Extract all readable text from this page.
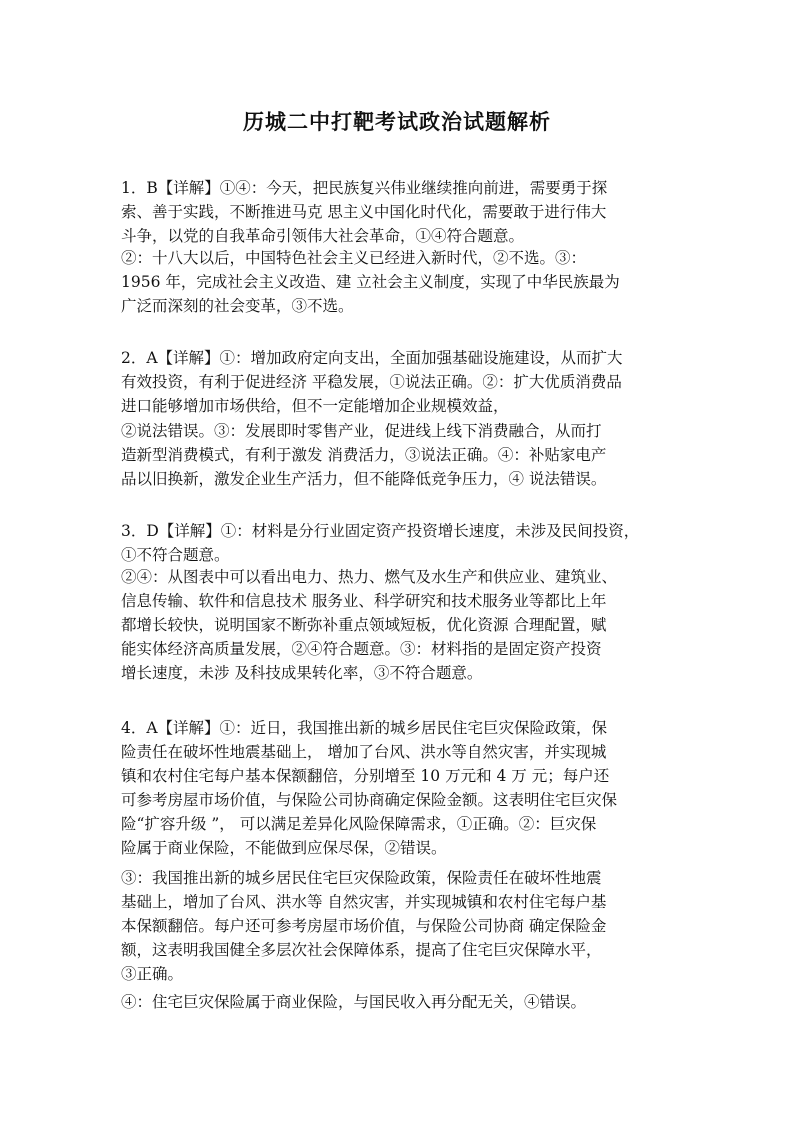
历城二中打靶考试政治试题解析
1．B【详解】①④：今天，把民族复兴伟业继续推向前进，需要勇于探
索、善于实践，不断推进马克 思主义中国化时代化，需要敢于进行伟大
斗争，以党的自我革命引领伟大社会革命，①④符合题意。
②：十八大以后，中国特色社会主义已经进入新时代，②不选。③：
1956 年，完成社会主义改造、建 立社会主义制度，实现了中华民族最为
广泛而深刻的社会变革，③不选。
2．A【详解】①：增加政府定向支出，全面加强基础设施建设，从而扩大
有效投资，有利于促进经济 平稳发展，①说法正确。②：扩大优质消费品
进口能够增加市场供给，但不一定能增加企业规模效益，
②说法错误。③：发展即时零售产业，促进线上线下消费融合，从而打
造新型消费模式，有利于激发 消费活力，③说法正确。④：补贴家电产
品以旧换新，激发企业生产活力，但不能降低竞争压力，④ 说法错误。
3．D【详解】①：材料是分行业固定资产投资增长速度，未涉及民间投资，
①不符合题意。
②④：从图表中可以看出电力、热力、燃气及水生产和供应业、建筑业、
信息传输、软件和信息技术 服务业、科学研究和技术服务业等都比上年
都增长较快，说明国家不断弥补重点领域短板，优化资源 合理配置，赋
能实体经济高质量发展，②④符合题意。③：材料指的是固定资产投资
增长速度，未涉 及科技成果转化率，③不符合题意。
4．A【详解】①：近日，我国推出新的城乡居民住宅巨灾保险政策，保
险责任在破坏性地震基础上， 增加了台风、洪水等自然灾害，并实现城
镇和农村住宅每户基本保额翻倍，分别增至 10 万元和 4 万 元；每户还
可参考房屋市场价值，与保险公司协商确定保险金额。这表明住宅巨灾保
险“扩容升级 ”， 可以满足差异化风险保障需求，①正确。②：巨灾保
险属于商业保险，不能做到应保尽保，②错误。
③：我国推出新的城乡居民住宅巨灾保险政策，保险责任在破坏性地震
基础上，增加了台风、洪水等 自然灾害，并实现城镇和农村住宅每户基
本保额翻倍。每户还可参考房屋市场价值，与保险公司协商 确定保险金
额，这表明我国健全多层次社会保障体系，提高了住宅巨灾保障水平，
③正确。
④：住宅巨灾保险属于商业保险，与国民收入再分配无关，④错误。
